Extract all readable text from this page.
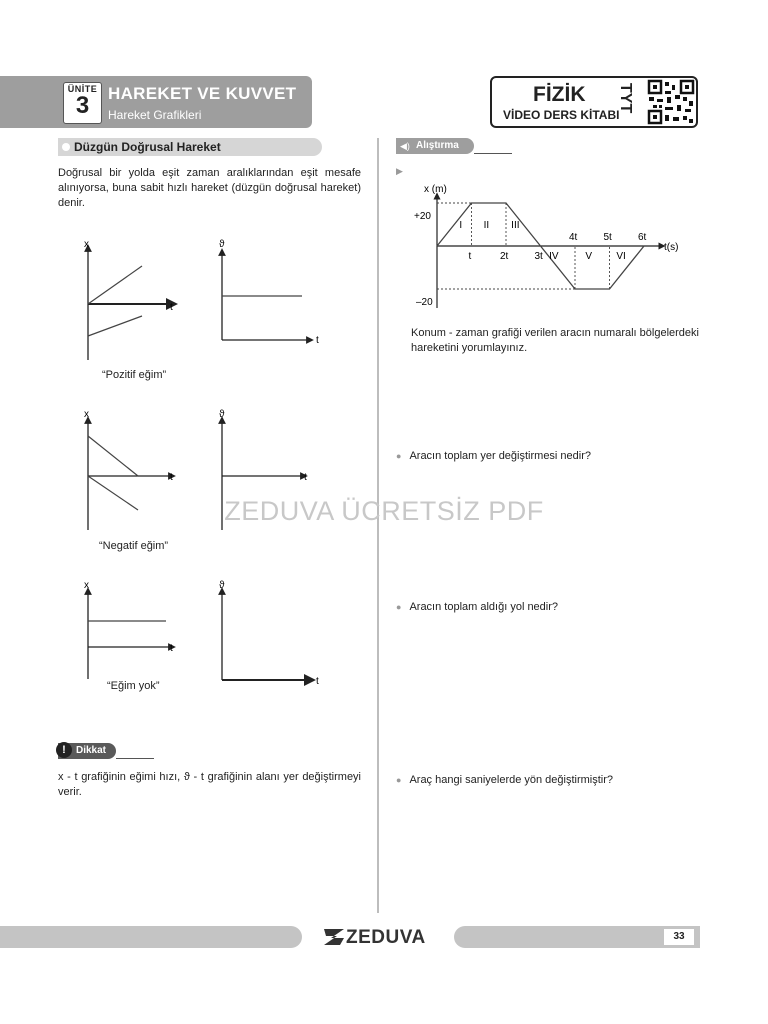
ÜNİTE
3	HAREKET VE KUVVET
Hareket Grafikleri
FİZİK
VİDEO DERS KİTABI
TYT
Düzgün Doğrusal Hareket
Doğrusal bir yolda eşit zaman aralıklarından eşit mesafe alınıyorsa, buna sabit hızlı hareket (düzgün doğrusal hareket) denir.
x	ϑ
t
t
“Pozitif eğim”
x	ϑ
t	t
“Negatif eğim”
x	ϑ
t
t
“Eğim yok”
!	Dikkat
x - t grafiğinin eğimi hızı, ϑ - t grafiğinin alanı yer değiştirmeyi verir.
◀) Alıştırma
▶
x (m)
t(s)
+20
–20
t	2t	3t
4t	5t	6t
I II III
IV	V VI
Konum - zaman grafiği verilen aracın numaralı bölgelerdeki hareketini yorumlayınız.
● Aracın toplam yer değiştirmesi nedir?
● Aracın toplam aldığı yol nedir?
● Araç hangi saniyelerde yön değiştirmiştir?
ZEDUVA ÜCRETSİZ PDF
ZEDUVA	33
